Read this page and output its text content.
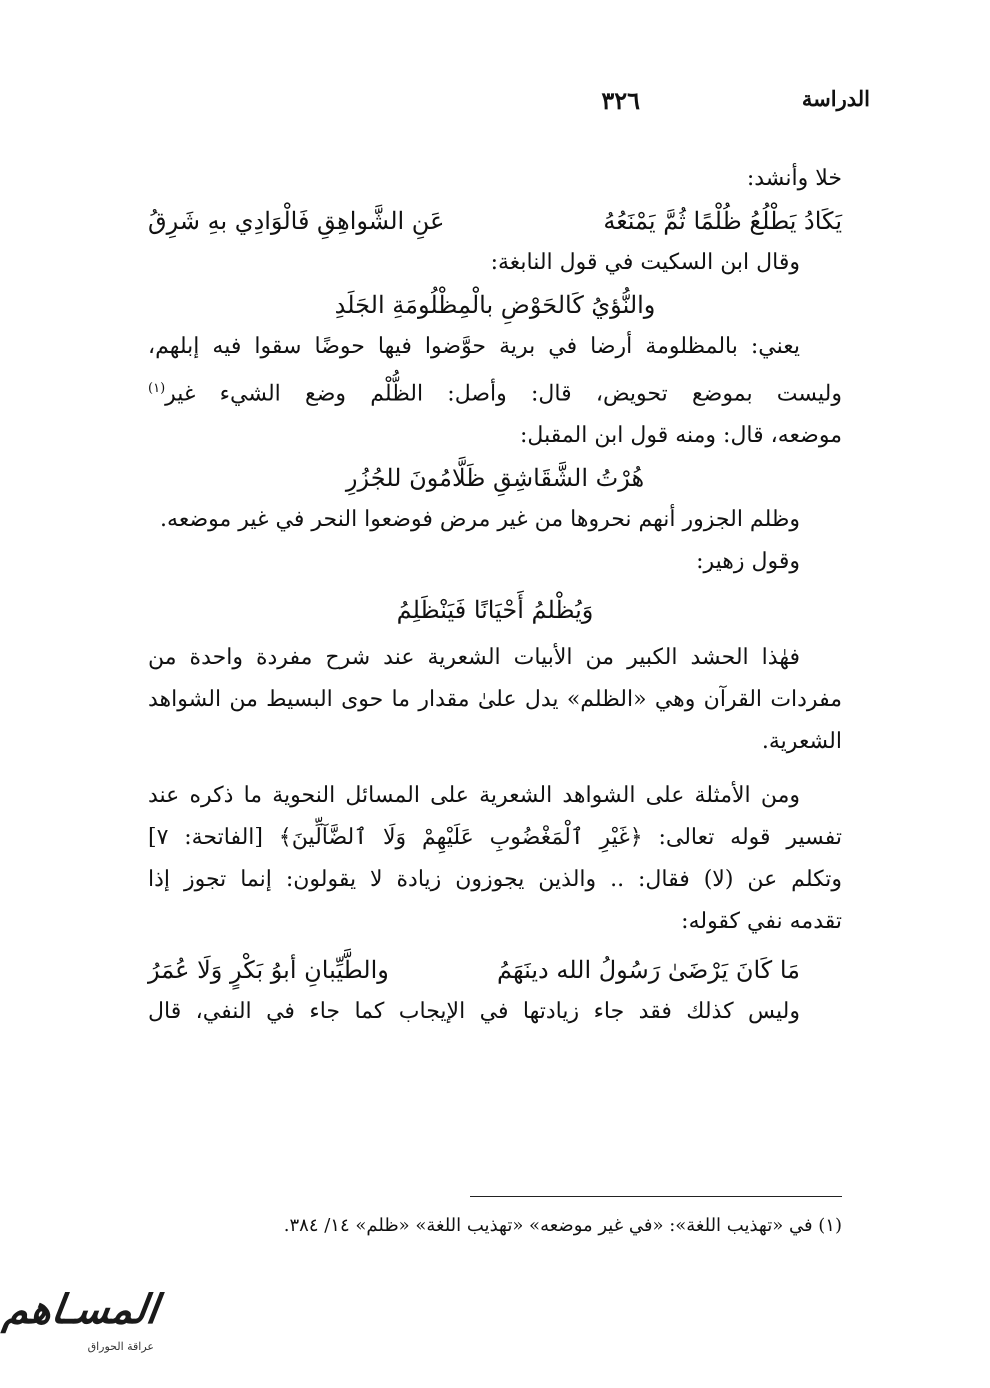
الدراسة
٣٢٦
خلا وأنشد:
يَكَادُ يَطْلُعُ ظُلْمًا ثُمَّ يَمْنَعُهُ
عَنِ الشَّواهِقِ فَالْوَادِي بهِ شَرِقُ
وقال ابن السكيت في قول النابغة:
والنُّؤيُ كَالحَوْضِ بالْمِظْلُومَةِ الجَلَدِ
يعني: بالمظلومة أرضا في برية حوَّضوا فيها حوضًا سقوا فيه إبلهم،
وليست بموضع تحويض، قال: وأصل: الظُّلْم وضع الشيء غير$^{(١)}$
موضعه، قال: ومنه قول ابن المقبل:
هُرْتُ الشَّقَاشِقِ ظَلَّامُونَ للجُزُرِ
وظلم الجزور أنهم نحروها من غير مرض فوضعوا النحر في غير موضعه.
وقول زهير:
وَيُظْلمُ أَحْيَانًا فَيَنْظَلِمُ
فهٰذا الحشد الكبير من الأبيات الشعرية عند شرح مفردة واحدة من
مفردات القرآن وهي «الظلم» يدل علىٰ مقدار ما حوى البسيط من الشواهد
الشعرية.
ومن الأمثلة على الشواهد الشعرية على المسائل النحوية ما ذكره عند
تفسير قوله تعالى: ﴿غَيْرِ ٱلْمَغْضُوبِ عَلَيْهِمْ وَلَا ٱلضَّآلِّينَ﴾ [الفاتحة: ٧]
وتكلم عن (لا) فقال: .. والذين يجوزون زيادة لا يقولون: إنما تجوز إذا
تقدمه نفي كقوله:
مَا كَانَ يَرْضَىٰ رَسُولُ الله دينَهَمُ
والطَّيِّبانِ أبوُ بَكْرٍ وَلَا عُمَرُ
وليس كذلك فقد جاء زيادتها في الإيجاب كما جاء في النفي، قال
(١) في «تهذيب اللغة»: «في غير موضعه» «تهذيب اللغة» «ظلم» ١٤/ ٣٨٤.
المسـاهم
عراقة الحوراق
